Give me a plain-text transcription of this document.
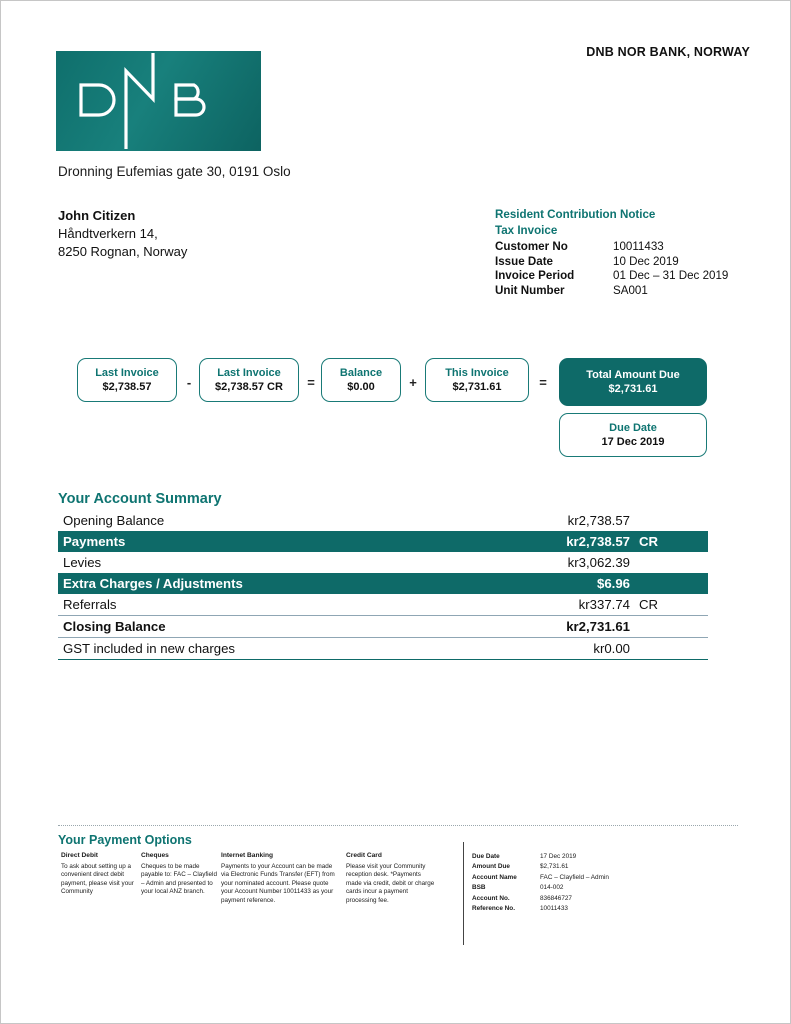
DNB NOR BANK, NORWAY
Dronning Eufemias gate 30, 0191 Oslo
John Citizen
Håndtverkern 14,
8250 Rognan, Norway
Resident Contribution Notice
Tax Invoice
Customer No	10011433
Issue Date	10 Dec 2019
Invoice Period	01 Dec – 31 Dec 2019
Unit Number	SA001
Last Invoice
$2,738.57	-
Last Invoice
$2,738.57 CR	=
Balance
$0.00	+
This Invoice
$2,731.61	=	Total Amount Due
$2,731.61
Due Date
17 Dec 2019
Your Account Summary
Opening Balance	kr2,738.57	
Payments	kr2,738.57	CR
Levies	kr3,062.39	
Extra Charges / Adjustments	$6.96	
Referrals	kr337.74	CR
Closing Balance	kr2,731.61	
GST included in new charges	kr0.00	
Your Payment Options
Direct Debit
To ask about setting up a convenient direct debit payment, please visit your Community
Cheques
Cheques to be made payable to: FAC – Clayfield – Admin and presented to your local ANZ branch.
Internet Banking
Payments to your Account can be made via Electronic Funds Transfer (EFT) from your nominated account. Please quote your Account Number 10011433 as your payment reference.
Credit Card
Please visit your Community reception desk. *Payments made via credit, debit or charge cards incur a payment processing fee.
Due Date	17 Dec 2019
Amount Due	$2,731.61
Account Name	FAC – Clayfield – Admin
BSB	014-002
Account No.	836846727
Reference No.	10011433
